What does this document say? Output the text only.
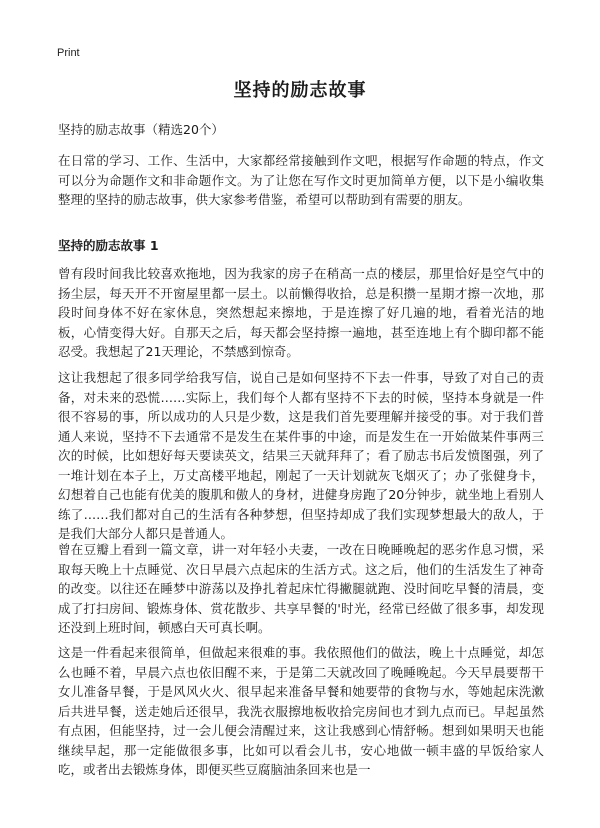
Print
坚持的励志故事
坚持的励志故事（精选20个）

在日常的学习、工作、生活中，大家都经常接触到作文吧，根据写作命题的特点，作文可以分为命题作文和非命题作文。为了让您在写作文时更加简单方便，以下是小编收集整理的坚持的励志故事，供大家参考借鉴，希望可以帮助到有需要的朋友。

坚持的励志故事 1

曾有段时间我比较喜欢拖地，因为我家的房子在稍高一点的楼层，那里恰好是空气中的扬尘层，每天开不开窗屋里都一层土。以前懒得收拾，总是积攒一星期才擦一次地，那段时间身体不好在家休息，突然想起来擦地，于是连擦了好几遍的地，看着光洁的地板，心情变得大好。自那天之后，每天都会坚持擦一遍地，甚至连地上有个脚印都不能忍受。我想起了21天理论，不禁感到惊奇。

这让我想起了很多同学给我写信，说自己是如何坚持不下去一件事，导致了对自己的责备，对未来的恐慌……实际上，我们每个人都有坚持不下去的时候，坚持本身就是一件很不容易的事，所以成功的人只是少数，这是我们首先要理解并接受的事。对于我们普通人来说，坚持不下去通常不是发生在某件事的中途，而是发生在一开始做某件事两三次的时候，比如想好每天要读英文，结果三天就拜拜了；看了励志书后发愤图强，列了一堆计划在本子上，万丈高楼平地起，刚起了一天计划就灰飞烟灭了；办了张健身卡，幻想着自己也能有优美的腹肌和傲人的身材，进健身房跑了20分钟步，就坐地上看别人练了……我们都对自己的生活有各种梦想，但坚持却成了我们实现梦想最大的敌人，于是我们大部分人都只是普通人。

曾在豆瓣上看到一篇文章，讲一对年轻小夫妻，一改在日晚睡晚起的恶劣作息习惯，采取每天晚上十点睡觉、次日早晨六点起床的生活方式。这之后，他们的生活发生了神奇的改变。以往还在睡梦中游荡以及挣扎着起床忙得撇腿就跑、没时间吃早餐的清晨，变成了打扫房间、锻炼身体、赏花散步、共享早餐的'时光，经常已经做了很多事，却发现还没到上班时间，顿感白天可真长啊。

这是一件看起来很简单，但做起来很难的事。我依照他们的做法，晚上十点睡觉，却怎么也睡不着，早晨六点也依旧醒不来，于是第二天就改回了晚睡晚起。今天早晨要帮干女儿准备早餐，于是风风火火、很早起来准备早餐和她要带的食物与水，等她起床洗漱后共进早餐，送走她后还很早，我洗衣服擦地板收拾完房间也才到九点而已。早起虽然有点困，但能坚持，过一会儿便会清醒过来，这让我感到心情舒畅。想到如果明天也能继续早起，那一定能做很多事，比如可以看会儿书，安心地做一顿丰盛的早饭给家人吃，或者出去锻炼身体，即便买些豆腐脑油条回来也是一
